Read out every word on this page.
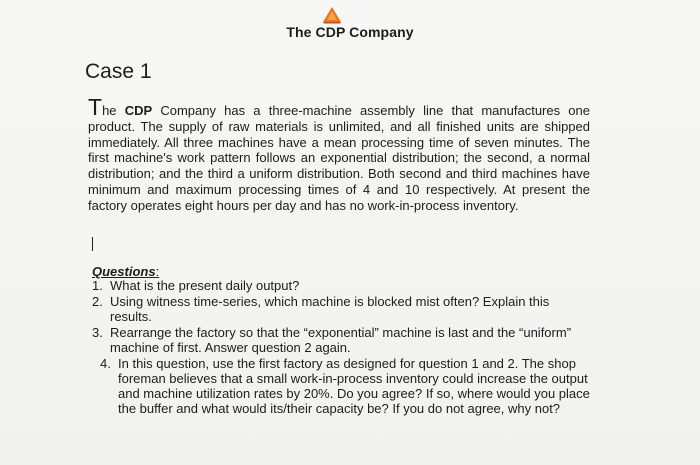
The CDP Company
Case 1
The CDP Company has a three-machine assembly line that manufactures one product. The supply of raw materials is unlimited, and all finished units are shipped immediately. All three machines have a mean processing time of seven minutes. The first machine's work pattern follows an exponential distribution; the second, a normal distribution; and the third a uniform distribution. Both second and third machines have minimum and maximum processing times of 4 and 10 respectively. At present the factory operates eight hours per day and has no work-in-process inventory.
Questions:
1. What is the present daily output?
2. Using witness time-series, which machine is blocked mist often? Explain this results.
3. Rearrange the factory so that the “exponential” machine is last and the “uniform” machine of first. Answer question 2 again.
4. In this question, use the first factory as designed for question 1 and 2. The shop foreman believes that a small work-in-process inventory could increase the output and machine utilization rates by 20%. Do you agree? If so, where would you place the buffer and what would its/their capacity be? If you do not agree, why not?
